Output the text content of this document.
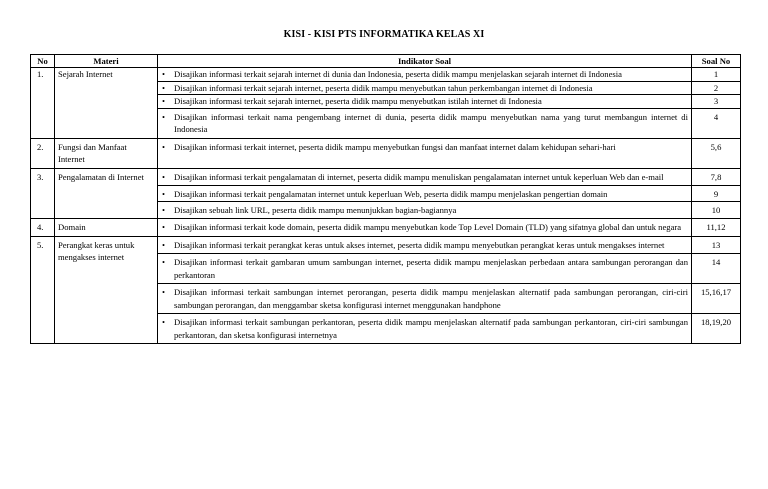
KISI - KISI PTS INFORMATIKA KELAS XI
No	Materi	Indikator Soal	Soal No
1.	Sejarah Internet	• Disajikan informasi terkait sejarah internet di dunia dan Indonesia, peserta didik mampu menjelaskan sejarah internet di Indonesia	1

		• Disajikan informasi terkait sejarah internet, peserta didik mampu menyebutkan tahun perkembangan internet di Indonesia	2

		• Disajikan informasi terkait sejarah internet, peserta didik mampu menyebutkan istilah internet di Indonesia	3

		• Disajikan informasi terkait nama pengembang internet di dunia, peserta didik mampu menyebutkan nama yang turut membangun internet di Indonesia	4
2.	Fungsi dan Manfaat Internet	• Disajikan informasi terkait internet, peserta didik mampu menyebutkan fungsi dan manfaat internet dalam kehidupan sehari-hari	5,6
3.	Pengalamatan di Internet	• Disajikan informasi terkait pengalamatan di internet, peserta didik mampu menuliskan pengalamatan internet untuk keperluan Web dan e-mail	7,8

		• Disajikan informasi terkait pengalamatan internet untuk keperluan Web, peserta didik mampu menjelaskan pengertian domain	9

		• Disajikan sebuah link URL, peserta didik mampu menunjukkan bagian-bagiannya	10
4.	Domain	• Disajikan informasi terkait kode domain, peserta didik mampu menyebutkan kode Top Level Domain (TLD) yang sifatnya global dan untuk negara	11,12
5.	Perangkat keras untuk mengakses internet	• Disajikan informasi terkait perangkat keras untuk akses internet, peserta didik mampu menyebutkan perangkat keras untuk mengakses internet	13

		• Disajikan informasi terkait gambaran umum sambungan internet, peserta didik mampu menjelaskan perbedaan antara sambungan perorangan dan perkantoran	14

		• Disajikan informasi terkait sambungan internet perorangan, peserta didik mampu menjelaskan alternatif pada sambungan perorangan, ciri-ciri sambungan perorangan, dan menggambar sketsa konfigurasi internet menggunakan handphone	15,16,17

		• Disajikan informasi terkait sambungan perkantoran, peserta didik mampu menjelaskan alternatif pada sambungan perkantoran, ciri-ciri sambungan perkantoran, dan sketsa konfigurasi internetnya	18,19,20
